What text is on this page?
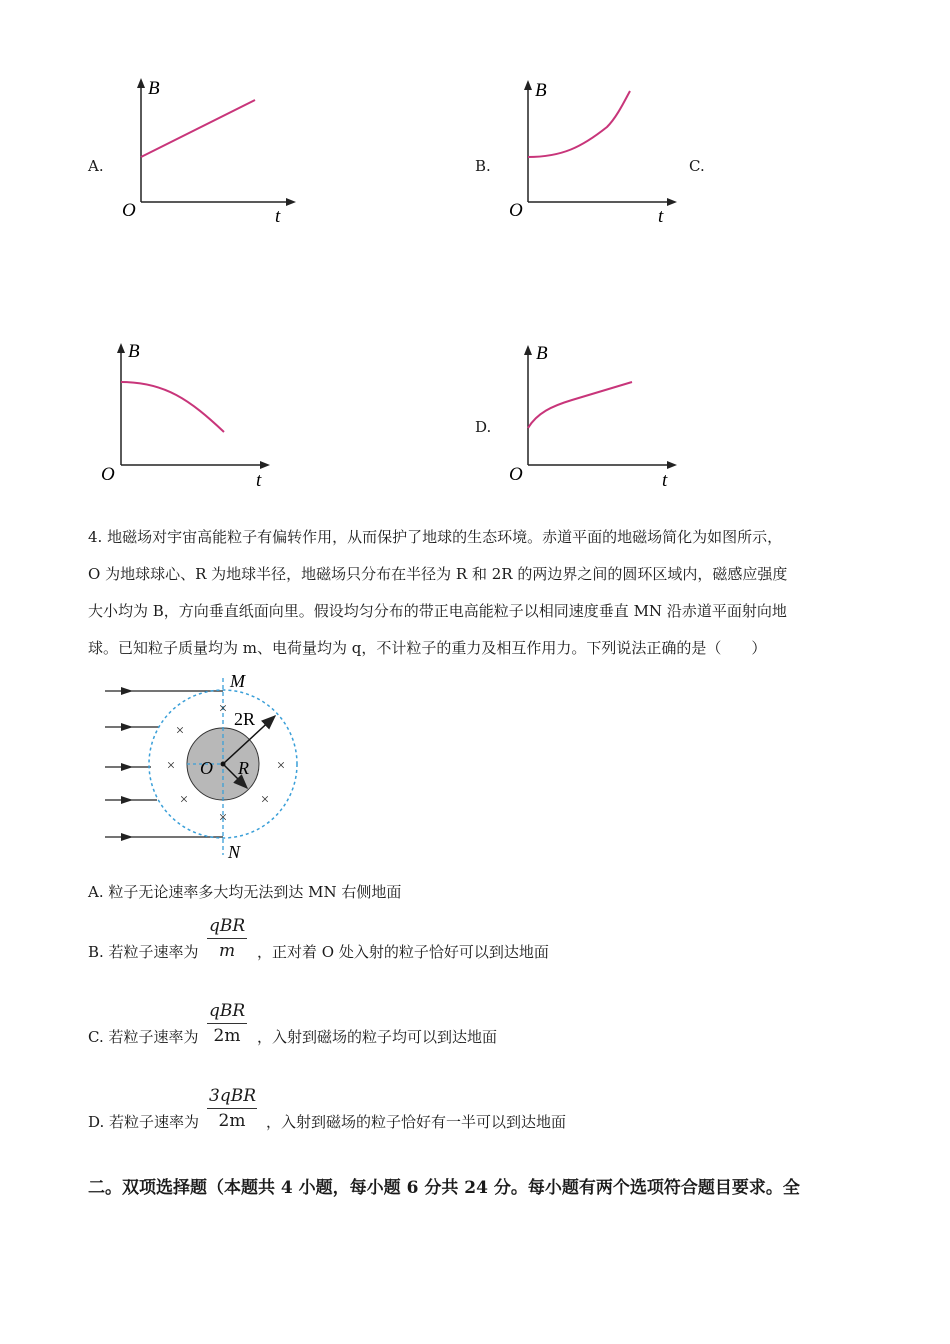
A.	B.	C.
D.
B
O	t
B
O	t
B
O	t
B
O	t
4. 地磁场对宇宙高能粒子有偏转作用，从而保护了地球的生态环境。赤道平面的地磁场简化为如图所示，
O 为地球球心、R 为地球半径，地磁场只分布在半径为 R 和 2R 的两边界之间的圆环区域内，磁感应强度
大小均为 B，方向垂直纸面向里。假设均匀分布的带正电高能粒子以相同速度垂直 MN 沿赤道平面射向地
球。已知粒子质量均为 m、电荷量均为 q，不计粒子的重力及相互作用力。下列说法正确的是（　　）
×
×
×
×
×
×
×
M
N
O R
2R
A. 粒子无论速率多大均无法到达 MN 右侧地面
B. 若粒子速率为
qBR
m	，正对着 O 处入射的粒子恰好可以到达地面
C. 若粒子速率为
qBR
2m	，入射到磁场的粒子均可以到达地面
D. 若粒子速率为
3qBR
2m	，入射到磁场的粒子恰好有一半可以到达地面
二。双项选择题（本题共 4 小题，每小题 6 分共 24 分。每小题有两个选项符合题目要求。全
